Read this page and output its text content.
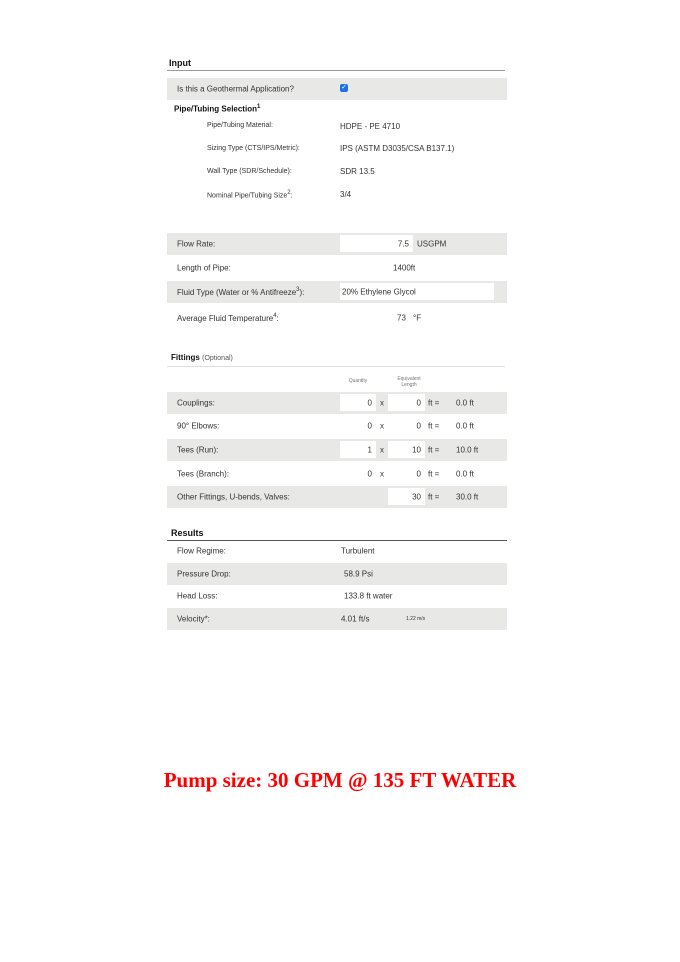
Input
Is this a Geothermal Application?	✓
Pipe/Tubing Selection$^1$
Pipe/Tubing Material:	HDPE - PE 4710
Sizing Type (CTS/IPS/Metric):	IPS (ASTM D3035/CSA B137.1)
Wall Type (SDR/Schedule):	SDR 13.5
Nominal Pipe/Tubing Size$^2$:	3/4
Flow Rate:	7.5 USGPM
Length of Pipe:	1400ft
Fluid Type (Water or % Antifreeze$^3$):	20% Ethylene Glycol
Average Fluid Temperature$^4$:	73 °F
Fittings (Optional)
Quantity	Equivalent
Length
Couplings:	0 x	0 ft = 0.0 ft
90° Elbows:	0 x	0 ft = 0.0 ft
Tees (Run):	1 x	10 ft = 10.0 ft
Tees (Branch):	0 x	0 ft = 0.0 ft
Other Fittings, U-bends, Valves:	30 ft = 30.0 ft
Results
Flow Regime:	Turbulent
Pressure Drop:	58.9 Psi
Head Loss:	133.8 ft water
Velocity*:	4.01 ft/s	1.22 m/s
Pump size: 30 GPM @ 135 FT WATER
